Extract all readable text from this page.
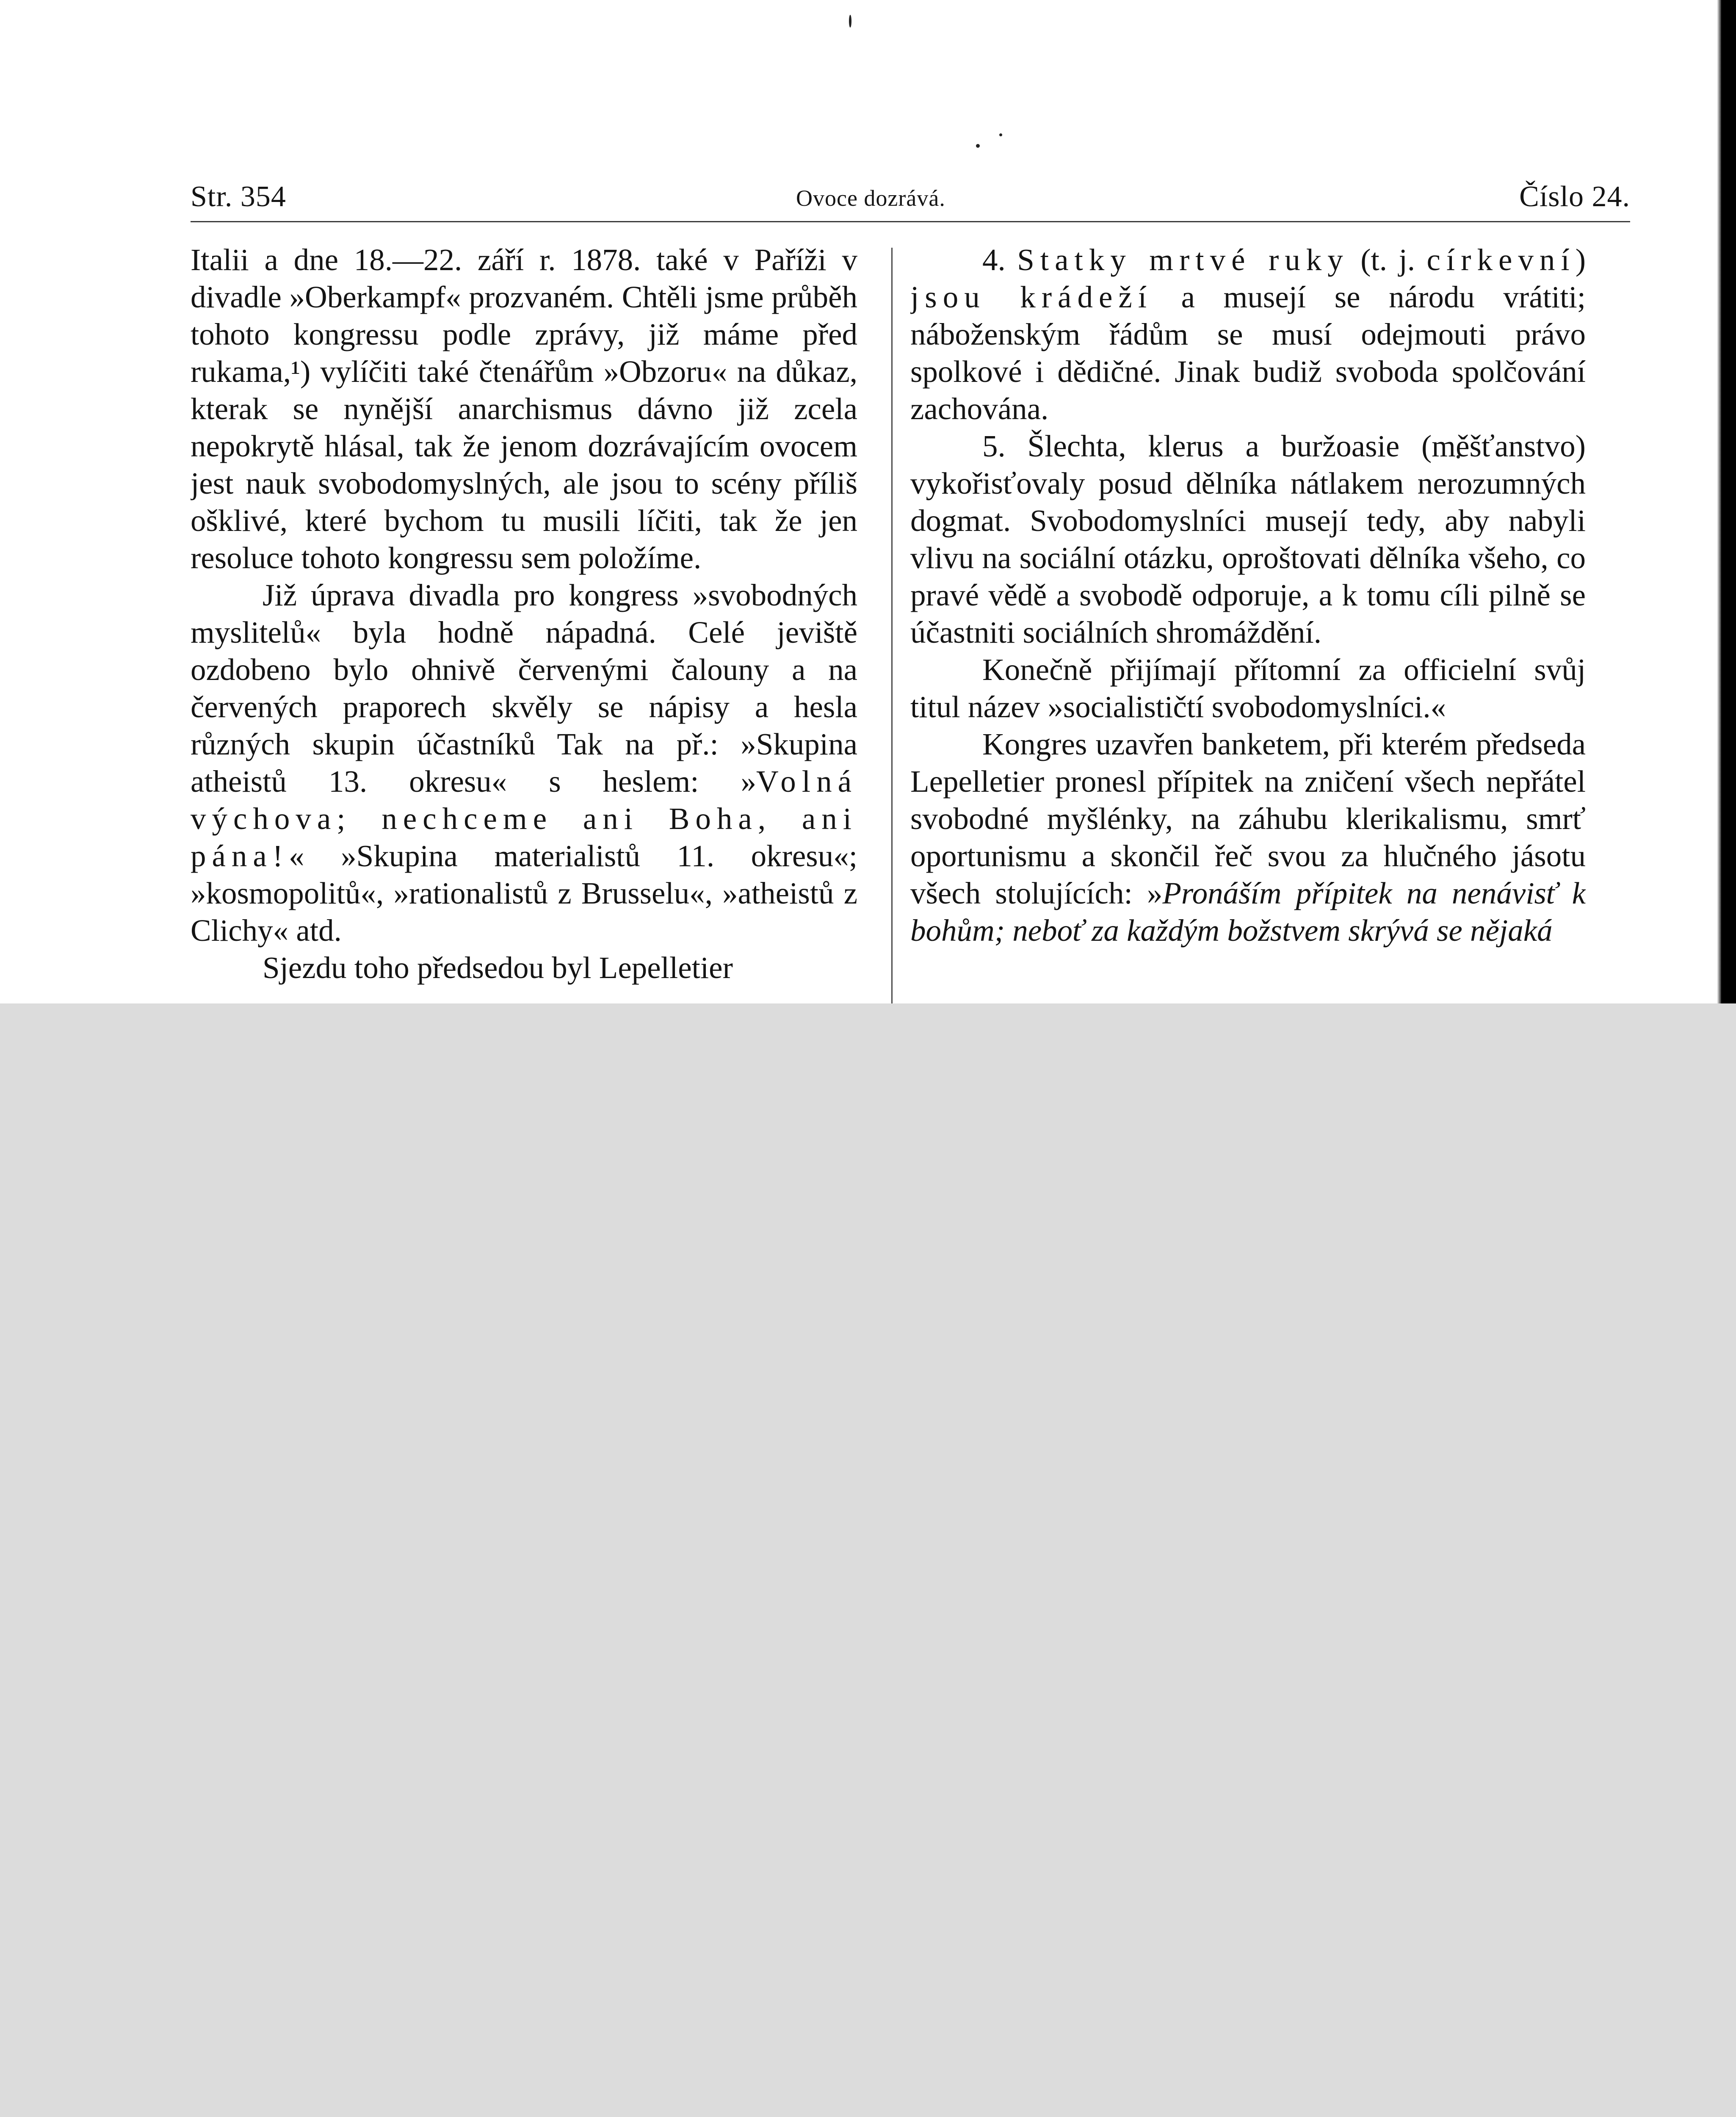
Str. 354	Ovoce dozrává.	Číslo 24.

Italii a dne 18.—22. září r. 1878. také v Paříži v divadle »Oberkampf« prozvaném. Chtěli jsme průběh tohoto kongressu podle zprávy, již máme před rukama,¹) vylíčiti také čtenářům »Obzoru« na důkaz, kterak se nynější anarchismus dávno již zcela nepokrytě hlásal, tak že jenom dozrávajícím ovocem jest nauk svobodomyslných, ale jsou to scény příliš ošklivé, které bychom tu musili líčiti, tak že jen resoluce tohoto kongressu sem položíme.

Již úprava divadla pro kongress »svobodných myslitelů« byla hodně nápadná. Celé jeviště ozdobeno bylo ohnivě červenými čalouny a na červených praporech skvěly se nápisy a hesla různých skupin účastníků Tak na př.: »Skupina atheistů 13. okresu« s heslem: »Volná výchova; nechceme ani Boha, ani pána!« »Skupina materialistů 11. okresu«; »kosmopolitů«, »rationalistů z Brusselu«, »atheistů z Clichy« atd.

Sjezdu toho předsedou byl Lepelletier

4. Statky mrtvé ruky (t. j. církevní) jsou krádeží a musejí se národu vrátiti; náboženským řádům se musí odejmouti právo spolkové i dědičné. Jinak budiž svoboda spolčování zachována.

5. Šlechta, klerus a buržoasie (měšťanstvo) vykořisťovaly posud dělníka nátlakem nerozumných dogmat. Svobodomyslníci musejí tedy, aby nabyli vlivu na sociální otázku, oproštovati dělníka všeho, co pravé vědě a svobodě odporuje, a k tomu cíli pilně se účastniti sociálních shromáždění.

Konečně přijímají přítomní za officielní svůj titul název »socialističtí svobodomyslníci.«

Kongres uzavřen banketem, při kterém předseda Lepelletier pronesl přípitek na zničení všech nepřátel svobodné myšlénky, na záhubu klerikalismu, smrť oportunismu a skončil řeč svou za hlučného jásotu všech stolujících: »Pronáším přípitek na nenávisť k bohům; neboť za každým božstvem skrývá se nějaká
